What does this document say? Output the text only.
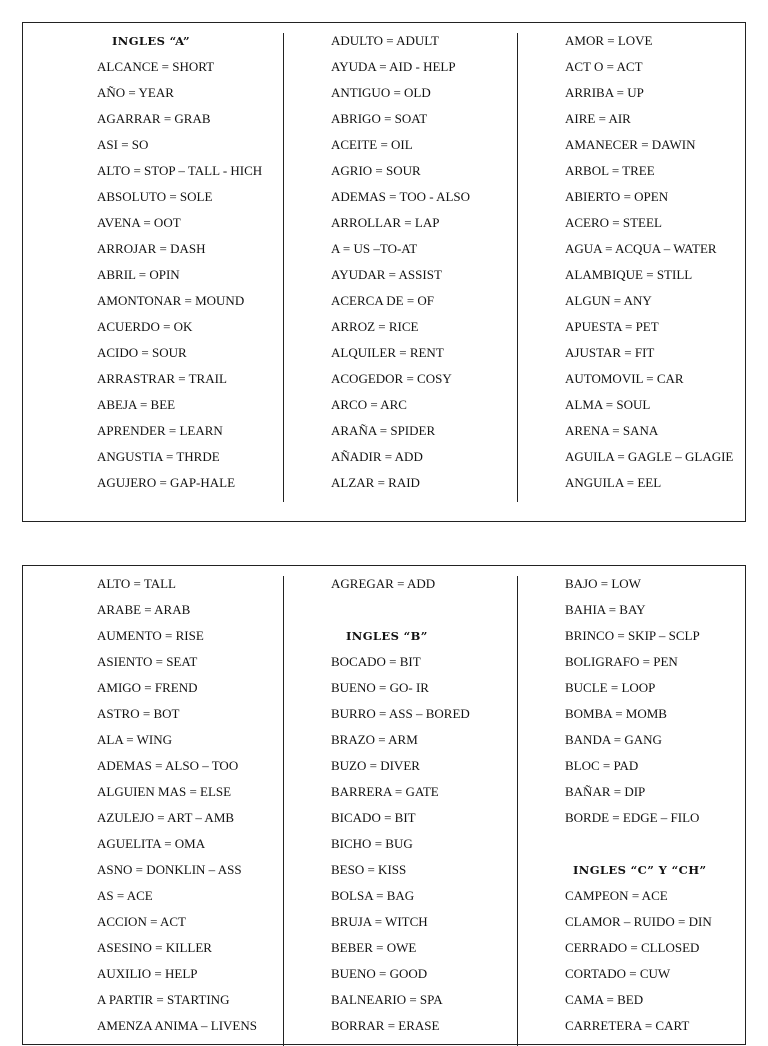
INGLES “A”
ALCANCE = SHORT
AÑO = YEAR
AGARRAR = GRAB
ASI = SO
ALTO = STOP – TALL - HICH
ABSOLUTO = SOLE
AVENA = OOT
ARROJAR = DASH
ABRIL = OPIN
AMONTONAR = MOUND
ACUERDO = OK
ACIDO = SOUR
ARRASTRAR = TRAIL
ABEJA = BEE
APRENDER = LEARN
ANGUSTIA = THRDE
AGUJERO = GAP-HALE
ADULTO = ADULT
AYUDA = AID - HELP
ANTIGUO = OLD
ABRIGO = SOAT
ACEITE = OIL
AGRIO = SOUR
ADEMAS = TOO - ALSO
ARROLLAR = LAP
A = US –TO-AT
AYUDAR = ASSIST
ACERCA DE = OF
ARROZ = RICE
ALQUILER = RENT
ACOGEDOR = COSY
ARCO = ARC
ARAÑA = SPIDER
AÑADIR = ADD
ALZAR = RAID
AMOR = LOVE
ACT O = ACT
ARRIBA = UP
AIRE = AIR
AMANECER = DAWIN
ARBOL = TREE
ABIERTO = OPEN
ACERO = STEEL
AGUA = ACQUA – WATER
ALAMBIQUE = STILL
ALGUN = ANY
APUESTA = PET
AJUSTAR = FIT
AUTOMOVIL = CAR
ALMA = SOUL
ARENA = SANA
AGUILA = GAGLE – GLAGIE
ANGUILA = EEL
ALTO = TALL
ARABE = ARAB
AUMENTO = RISE
ASIENTO = SEAT
AMIGO = FREND
ASTRO = BOT
ALA = WING
ADEMAS = ALSO – TOO
ALGUIEN MAS = ELSE
AZULEJO = ART – AMB
AGUELITA = OMA
ASNO = DONKLIN – ASS
AS = ACE
ACCION = ACT
ASESINO = KILLER
AUXILIO = HELP
A PARTIR = STARTING
AMENZA ANIMA – LIVENS
AGREGAR = ADD
INGLES “B”
BOCADO = BIT
BUENO = GO- IR
BURRO = ASS – BORED
BRAZO = ARM
BUZO = DIVER
BARRERA = GATE
BICADO = BIT
BICHO = BUG
BESO = KISS
BOLSA = BAG
BRUJA = WITCH
BEBER = OWE
BUENO = GOOD
BALNEARIO = SPA
BORRAR = ERASE
BAJO = LOW
BAHIA = BAY
BRINCO = SKIP – SCLP
BOLIGRAFO = PEN
BUCLE = LOOP
BOMBA = MOMB
BANDA = GANG
BLOC = PAD
BAÑAR = DIP
BORDE = EDGE – FILO
INGLES “C” Y “CH”
CAMPEON = ACE
CLAMOR – RUIDO = DIN
CERRADO = CLLOSED
CORTADO = CUW
CAMA = BED
CARRETERA = CART
